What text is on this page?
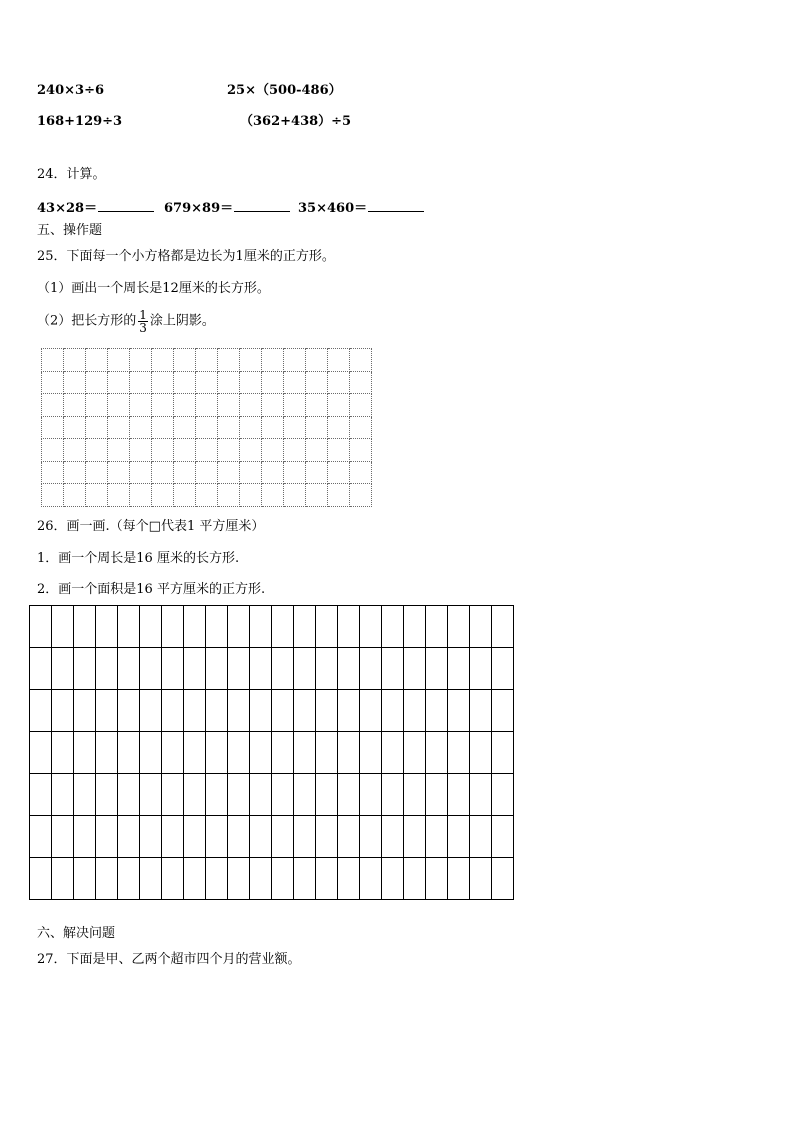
240×3÷6	25×（500-486）
168+129÷3	（362+438）÷5
24．计算。
43×28＝	679×89＝	35×460＝
五、操作题
25．下面每一个小方格都是边长为1厘米的正方形。
（1）画出一个周长是12厘米的长方形。
（2）把长方形的 $\frac{1}{3}$ 涂上阴影。

26．画一画.（每个□代表1 平方厘米）
1．画一个周长是16 厘米的长方形.
2．画一个面积是16 平方厘米的正方形.

六、解决问题
27．下面是甲、乙两个超市四个月的营业额。
